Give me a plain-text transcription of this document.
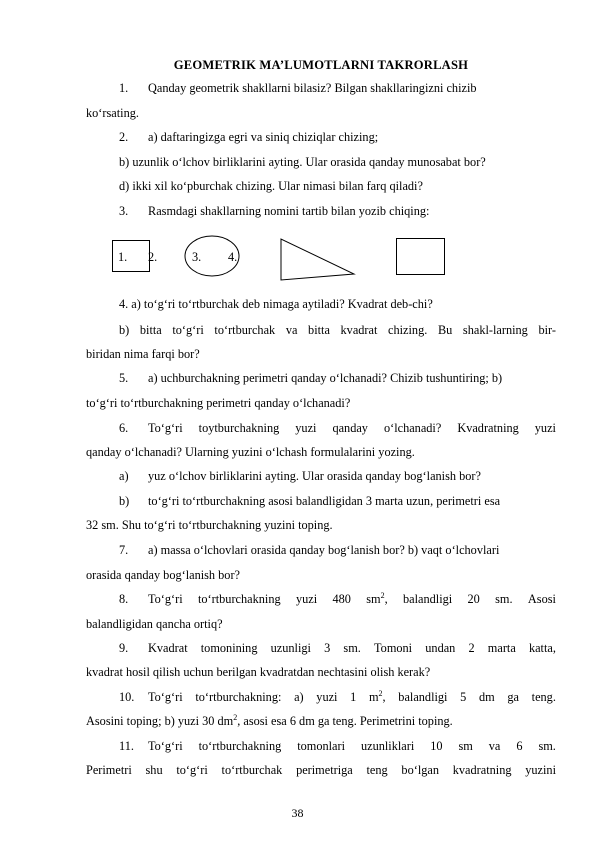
GEOMETRIK MA’LUMOTLARNI TAKRORLASH
1. Qanday geometrik shakllarni bilasiz? Bilgan shakllaringizni chizib
ko‘rsating.
2. a) daftaringizga egri va siniq chiziqlar chizing;
b) uzunlik o‘lchov birliklarini ayting. Ular orasida qanday munosabat bor?
d) ikki xil ko‘pburchak chizing. Ular nimasi bilan farq qiladi?
3. Rasmdagi shakllarning nomini tartib bilan yozib chiqing:
1. 2.	3. 4.
4. a) to‘g‘ri to‘rtburchak deb nimaga aytiladi? Kvadrat deb-chi?
b) bitta to‘g‘ri to‘rtburchak va bitta kvadrat chizing. Bu shakl-larning bir-
biridan nima farqi bor?
5. a) uchburchakning perimetri qanday o‘lchanadi? Chizib tushuntiring; b)
to‘g‘ri to‘rtburchakning perimetri qanday o‘lchanadi?
6. To‘g‘ri toytburchakning yuzi qanday o‘lchanadi? Kvadratning yuzi
qanday o‘lchanadi? Ularning yuzini o‘lchash formulalarini yozing.
a) yuz o‘lchov birliklarini ayting. Ular orasida qanday bog‘lanish bor?
b) to‘g‘ri to‘rtburchakning asosi balandligidan 3 marta uzun, perimetri esa
32 sm. Shu to‘g‘ri to‘rtburchakning yuzini toping.
7. a) massa o‘lchovlari orasida qanday bog‘lanish bor? b) vaqt o‘lchovlari
orasida qanday bog‘lanish bor?
8. To‘g‘ri to‘rtburchakning yuzi 480 $sm^2$, balandligi 20 sm. Asosi
balandligidan qancha ortiq?
9. Kvadrat tomonining uzunligi 3 sm. Tomoni undan 2 marta katta,
kvadrat hosil qilish uchun berilgan kvadratdan nechtasini olish kerak?
10. To‘g‘ri to‘rtburchakning: a) yuzi 1 $m^2$, balandligi 5 dm ga teng.
Asosini toping; b) yuzi 30 $dm^2$, asosi esa 6 dm ga teng. Perimetrini toping.
11. To‘g‘ri to‘rtburchakning tomonlari uzunliklari 10 sm va 6 sm.
Perimetri shu to‘g‘ri to‘rtburchak perimetriga teng bo‘lgan kvadratning yuzini
38
